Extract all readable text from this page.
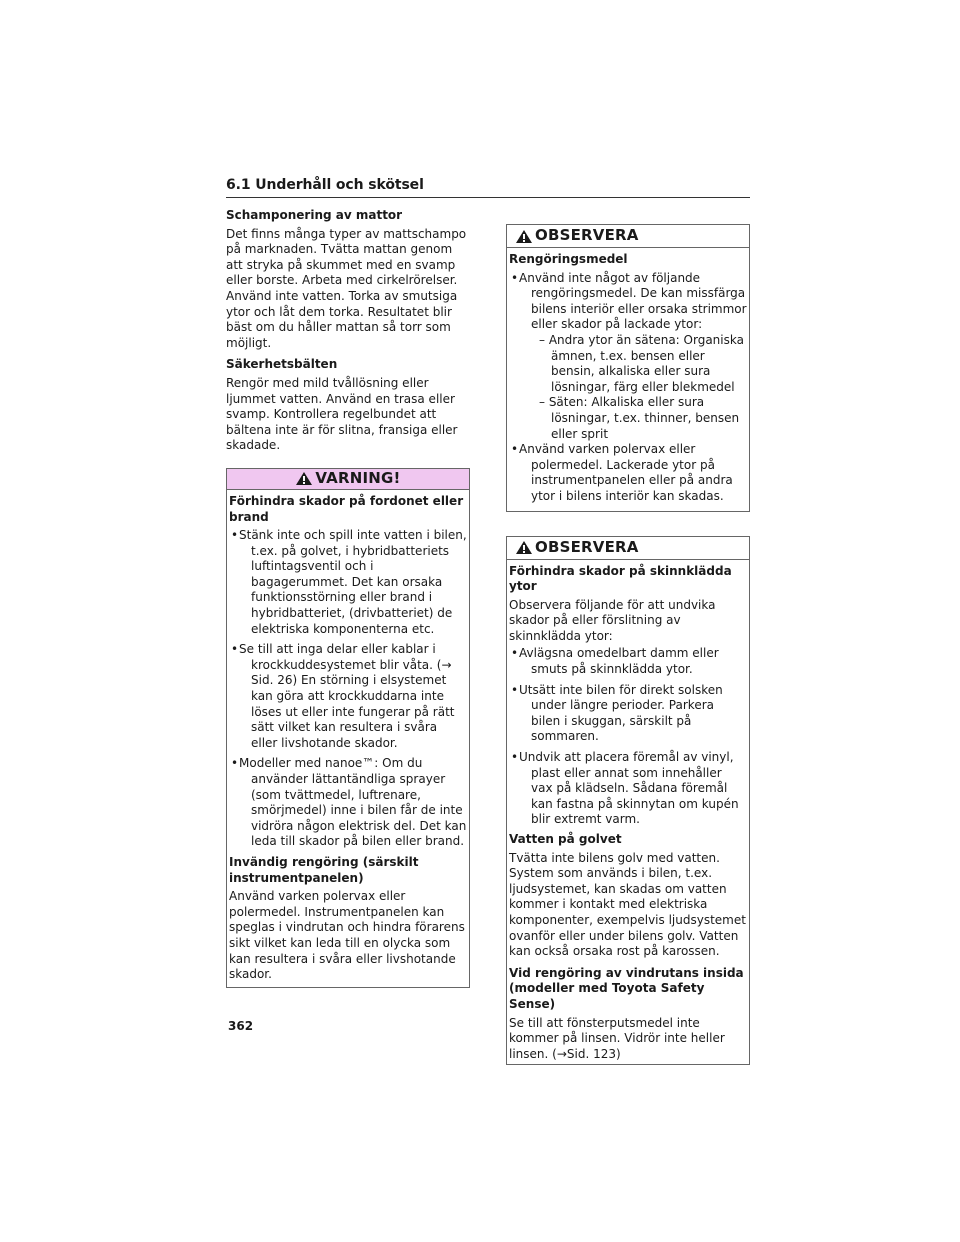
6.1 Underhåll och skötsel
Schamponering av mattor

Det finns många typer av mattschampo på marknaden. Tvätta mattan genom att stryka på skummet med en svamp eller borste. Arbeta med cirkelrörelser. Använd inte vatten. Torka av smutsiga ytor och låt dem torka. Resultatet blir bäst om du håller mattan så torr som möjligt.

Säkerhetsbälten

Rengör med mild tvållösning eller ljummet vatten. Använd en trasa eller svamp. Kontrollera regelbundet att bältena inte är för slitna, fransiga eller skadade.

VARNING!
Förhindra skador på fordonet eller brand
• Stänk inte och spill inte vatten i bilen, t.ex. på golvet, i hybridbatteriets luftintagsventil och i bagagerummet. Det kan orsaka funktionsstörning eller brand i hybridbatteriet, (drivbatteriet) de elektriska komponenterna etc.
• Se till att inga delar eller kablar i krockkuddesystemet blir våta. (→ Sid. 26) En störning i elsystemet kan göra att krockkuddarna inte löses ut eller inte fungerar på rätt sätt vilket kan resultera i svåra eller livshotande skador.
• Modeller med nanoe™: Om du använder lättantändliga sprayer (som tvättmedel, luftrenare, smörjmedel) inne i bilen får de inte vidröra någon elektrisk del. Det kan leda till skador på bilen eller brand.
Invändig rengöring (särskilt instrumentpanelen)

Använd varken polervax eller polermedel. Instrumentpanelen kan speglas i vindrutan och hindra förarens sikt vilket kan leda till en olycka som kan resultera i svåra eller livshotande skador.

OBSERVERA
Rengöringsmedel
• Använd inte något av följande rengöringsmedel. De kan missfärga bilens interiör eller orsaka strimmor eller skador på lackade ytor:
– Andra ytor än sätena: Organiska ämnen, t.ex. bensen eller bensin, alkaliska eller sura lösningar, färg eller blekmedel
– Säten: Alkaliska eller sura lösningar, t.ex. thinner, bensen eller sprit
• Använd varken polervax eller polermedel. Lackerade ytor på instrumentpanelen eller på andra ytor i bilens interiör kan skadas.
OBSERVERA
Förhindra skador på skinnklädda ytor

Observera följande för att undvika skador på eller förslitning av skinnklädda ytor:

• Avlägsna omedelbart damm eller smuts på skinnklädda ytor.
• Utsätt inte bilen för direkt solsken under längre perioder. Parkera bilen i skuggan, särskilt på sommaren.
• Undvik att placera föremål av vinyl, plast eller annat som innehåller vax på klädseln. Sådana föremål kan fastna på skinnytan om kupén blir extremt varm.
Vatten på golvet

Tvätta inte bilens golv med vatten. System som används i bilen, t.ex. ljudsystemet, kan skadas om vatten kommer i kontakt med elektriska komponenter, exempelvis ljudsystemet ovanför eller under bilens golv. Vatten kan också orsaka rost på karossen.

Vid rengöring av vindrutans insida (modeller med Toyota Safety Sense)

Se till att fönsterputsmedel inte kommer på linsen. Vidrör inte heller linsen. (→Sid. 123)

362
